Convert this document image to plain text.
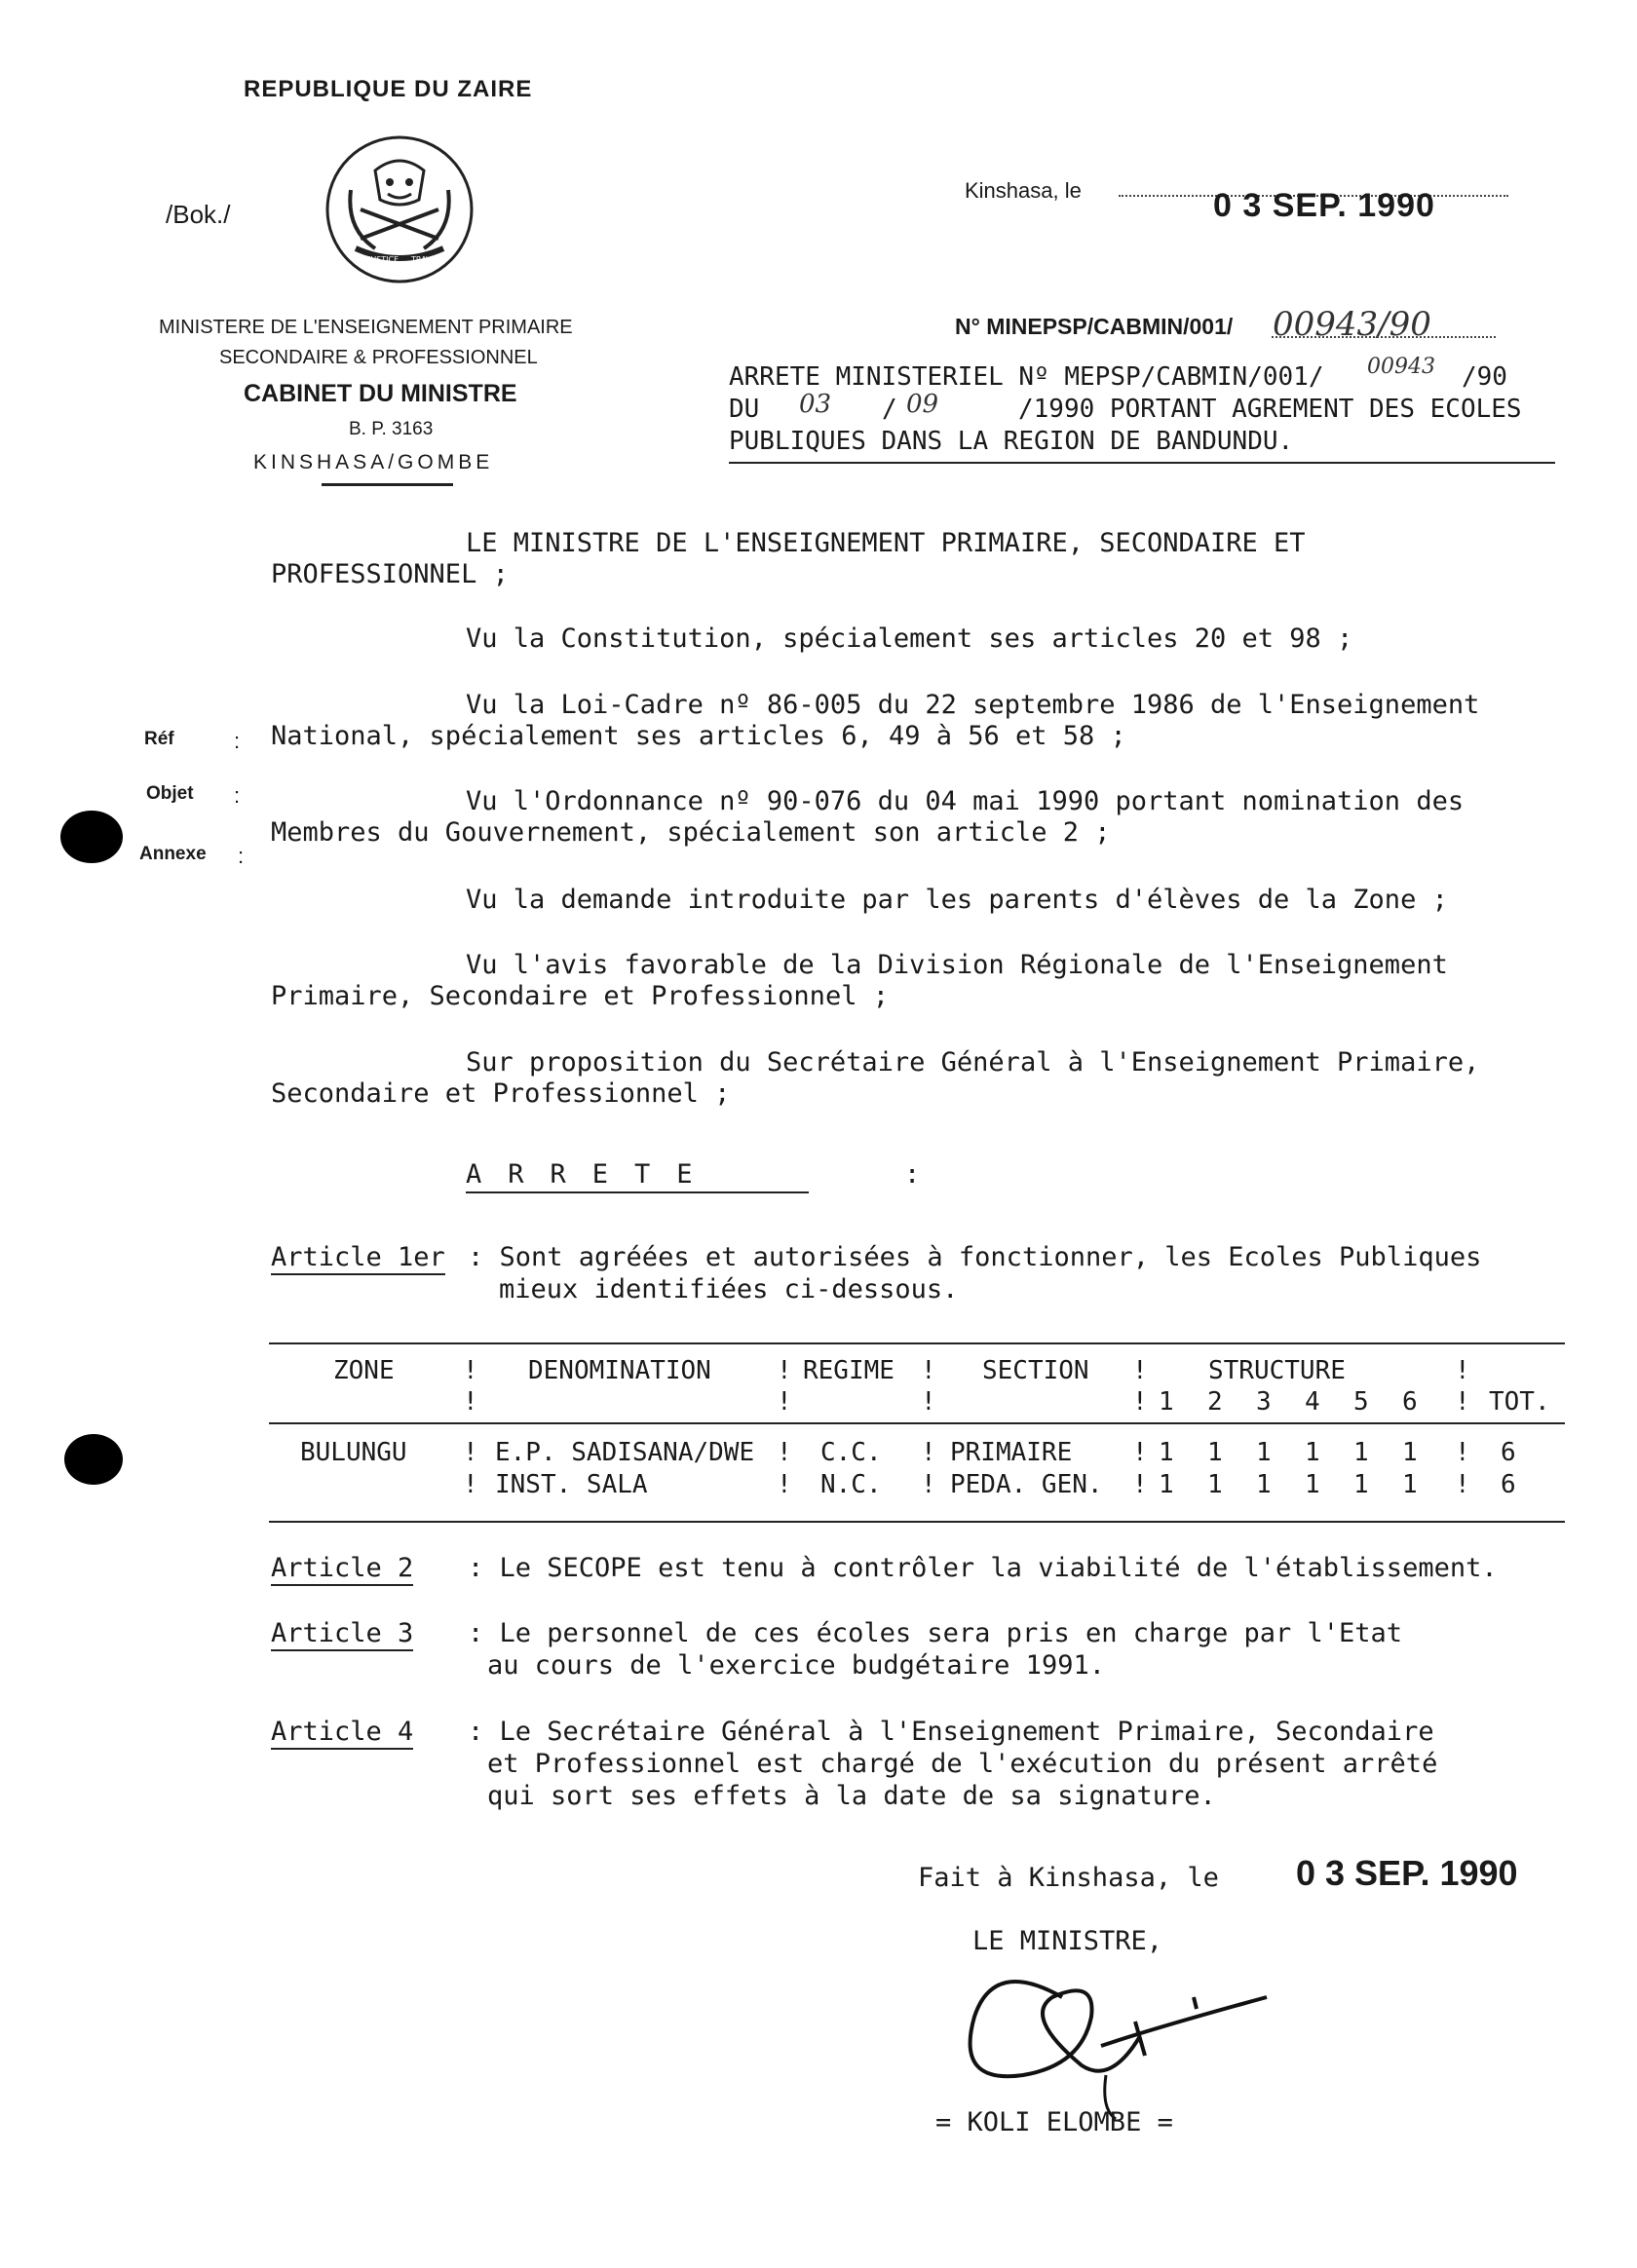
REPUBLIQUE DU ZAIRE
/Bok./
JUSTICE
PAIX
TRAVAIL
MINISTERE DE L'ENSEIGNEMENT PRIMAIRE
SECONDAIRE & PROFESSIONNEL
CABINET DU MINISTRE
B. P. 3163
KINSHASA/GOMBE
Kinshasa, le	0 3 SEP. 1990
N° MINEPSP/CABMIN/001/ 00943/90
ARRETE MINISTERIEL Nº MEPSP/CABMIN/001/ 00943 /90
DU 03 / 09	/1990 PORTANT AGREMENT DES ECOLES
PUBLIQUES DANS LA REGION DE BANDUNDU.
Réf	:
Objet :
Annexe :
LE MINISTRE DE L'ENSEIGNEMENT PRIMAIRE, SECONDAIRE ET
PROFESSIONNEL ;
Vu la Constitution, spécialement ses articles 20 et 98 ;
Vu la Loi-Cadre nº 86-005 du 22 septembre 1986 de l'Enseignement
National, spécialement ses articles 6, 49 à 56 et 58 ;
Vu l'Ordonnance nº 90-076 du 04 mai 1990 portant nomination des
Membres du Gouvernement, spécialement son article 2 ;
Vu la demande introduite par les parents d'élèves de la Zone ;
Vu l'avis favorable de la Division Régionale de l'Enseignement
Primaire, Secondaire et Professionnel ;
Sur proposition du Secrétaire Général à l'Enseignement Primaire,
Secondaire et Professionnel ;
ARRETE	:
Article 1er : Sont agréées et autorisées à fonctionner, les Ecoles Publiques
mieux identifiées ci-dessous.
ZONE	! DENOMINATION	! REGIME ! SECTION ! STRUCTURE	!
!	!	!	! 1 2 3 4 5 6 ! TOT.
BULUNGU ! E.P. SADISANA/DWE ! C.C. ! PRIMAIRE ! 1 1 1 1 1 1 ! 6
! INST. SALA	! N.C. ! PEDA. GEN. ! 1 1 1 1 1 1 ! 6
Article 2 : Le SECOPE est tenu à contrôler la viabilité de l'établissement.
Article 3 : Le personnel de ces écoles sera pris en charge par l'Etat
au cours de l'exercice budgétaire 1991.
Article 4 : Le Secrétaire Général à l'Enseignement Primaire, Secondaire
et Professionnel est chargé de l'exécution du présent arrêté
qui sort ses effets à la date de sa signature.
Fait à Kinshasa, le 0 3 SEP. 1990
LE MINISTRE,
= KOLI ELOMBE =
